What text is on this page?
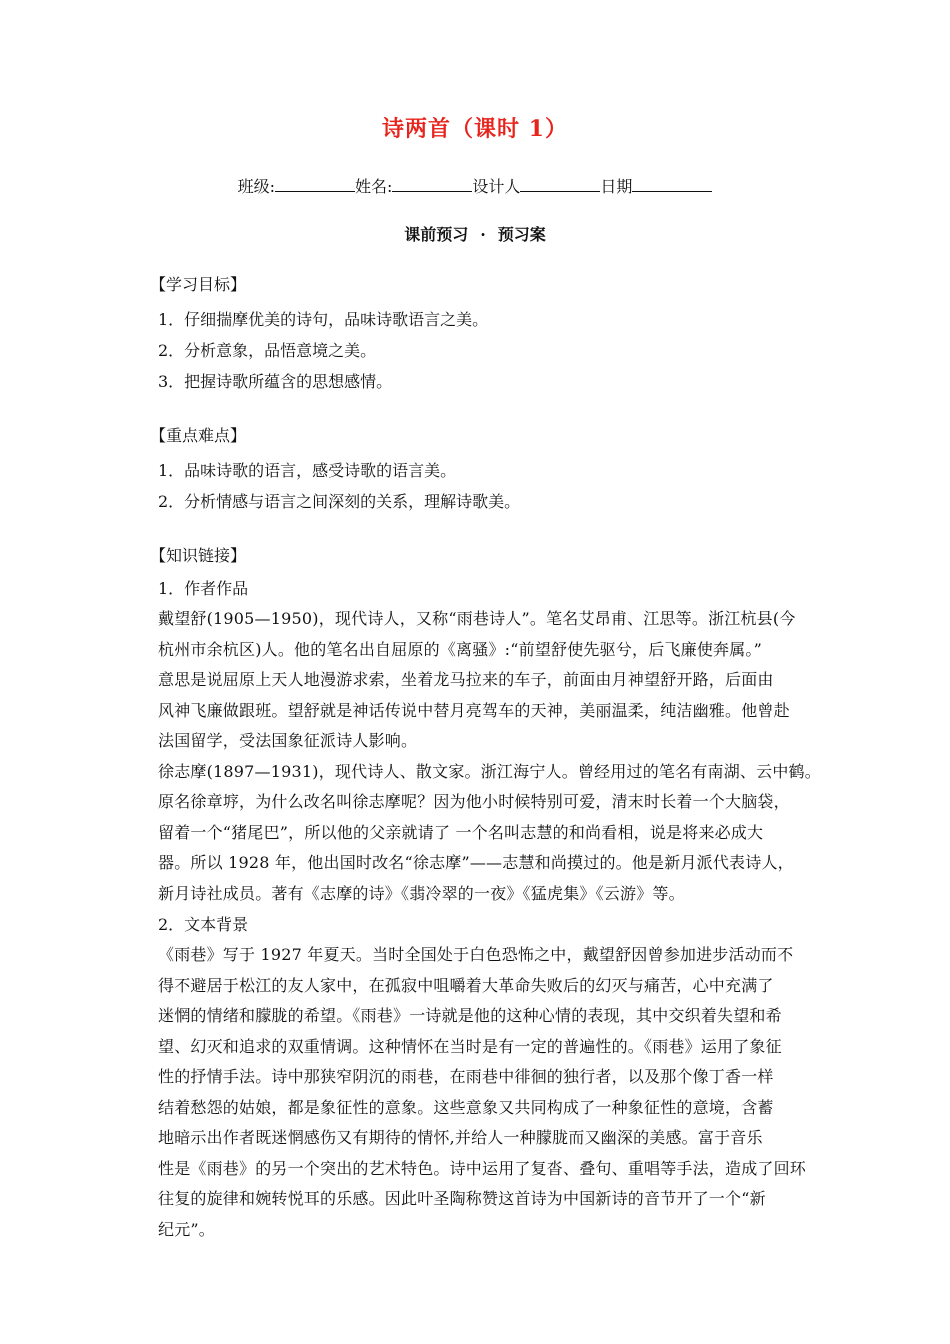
诗两首（课时 1）
班级:	姓名:	设计人	日期
课前预习 · 预习案
【学习目标】
1．仔细揣摩优美的诗句，品味诗歌语言之美。
2．分析意象，品悟意境之美。
3．把握诗歌所蕴含的思想感情。
【重点难点】
1．品味诗歌的语言，感受诗歌的语言美。
2．分析情感与语言之间深刻的关系，理解诗歌美。
【知识链接】
1．作者作品
戴望舒(1905—1950)，现代诗人，又称“雨巷诗人”。笔名艾昂甫、江思等。浙江杭县(今
杭州市余杭区)人。他的笔名出自屈原的《离骚》:“前望舒使先驱兮，后飞廉使奔属。”
意思是说屈原上天人地漫游求索，坐着龙马拉来的车子，前面由月神望舒开路，后面由
风神飞廉做跟班。望舒就是神话传说中替月亮驾车的天神，美丽温柔，纯洁幽雅。他曾赴
法国留学，受法国象征派诗人影响。
徐志摩(1897—1931)，现代诗人、散文家。浙江海宁人。曾经用过的笔名有南湖、云中鹤。
原名徐章垿，为什么改名叫徐志摩呢？因为他小时候特别可爱，清末时长着一个大脑袋，
留着一个“猪尾巴”，所以他的父亲就请了 一个名叫志慧的和尚看相，说是将来必成大
器。所以 1928 年，他出国时改名“徐志摩”——志慧和尚摸过的。他是新月派代表诗人，
新月诗社成员。著有《志摩的诗》《翡冷翠的一夜》《猛虎集》《云游》等。
2．文本背景
《雨巷》写于 1927 年夏天。当时全国处于白色恐怖之中，戴望舒因曾参加进步活动而不
得不避居于松江的友人家中，在孤寂中咀嚼着大革命失败后的幻灭与痛苦，心中充满了
迷惘的情绪和朦胧的希望。《雨巷》一诗就是他的这种心情的表现，其中交织着失望和希
望、幻灭和追求的双重情调。这种情怀在当时是有一定的普遍性的。《雨巷》运用了象征
性的抒情手法。诗中那狭窄阴沉的雨巷，在雨巷中徘徊的独行者，以及那个像丁香一样
结着愁怨的姑娘，都是象征性的意象。这些意象又共同构成了一种象征性的意境，含蓄
地暗示出作者既迷惘感伤又有期待的情怀,并给人一种朦胧而又幽深的美感。富于音乐
性是《雨巷》的另一个突出的艺术特色。诗中运用了复沓、叠句、重唱等手法，造成了回环
往复的旋律和婉转悦耳的乐感。因此叶圣陶称赞这首诗为中国新诗的音节开了一个“新
纪元”。
